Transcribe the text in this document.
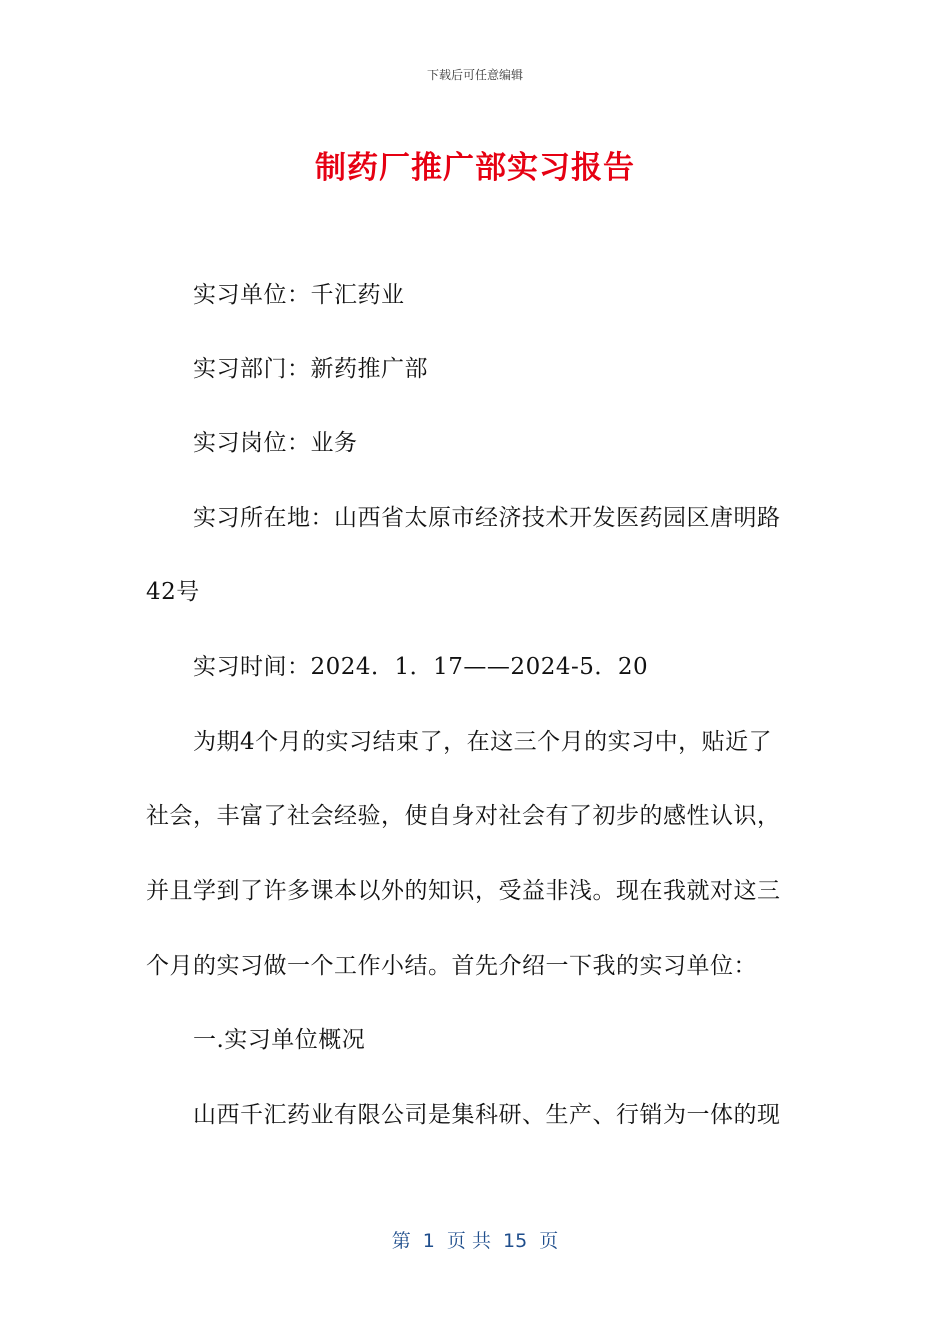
下载后可任意编辑
制药厂推广部实习报告
实习单位：千汇药业
实习部门：新药推广部
实习岗位：业务
实习所在地：山西省太原市经济技术开发医药园区唐明路
42号
实习时间：2024．1．17——2024-5．20
为期4个月的实习结束了，在这三个月的实习中，贴近了
社会，丰富了社会经验，使自身对社会有了初步的感性认识，
并且学到了许多课本以外的知识，受益非浅。现在我就对这三
个月的实习做一个工作小结。首先介绍一下我的实习单位：
一.实习单位概况
山西千汇药业有限公司是集科研、生产、行销为一体的现
第  1  页 共  15  页
